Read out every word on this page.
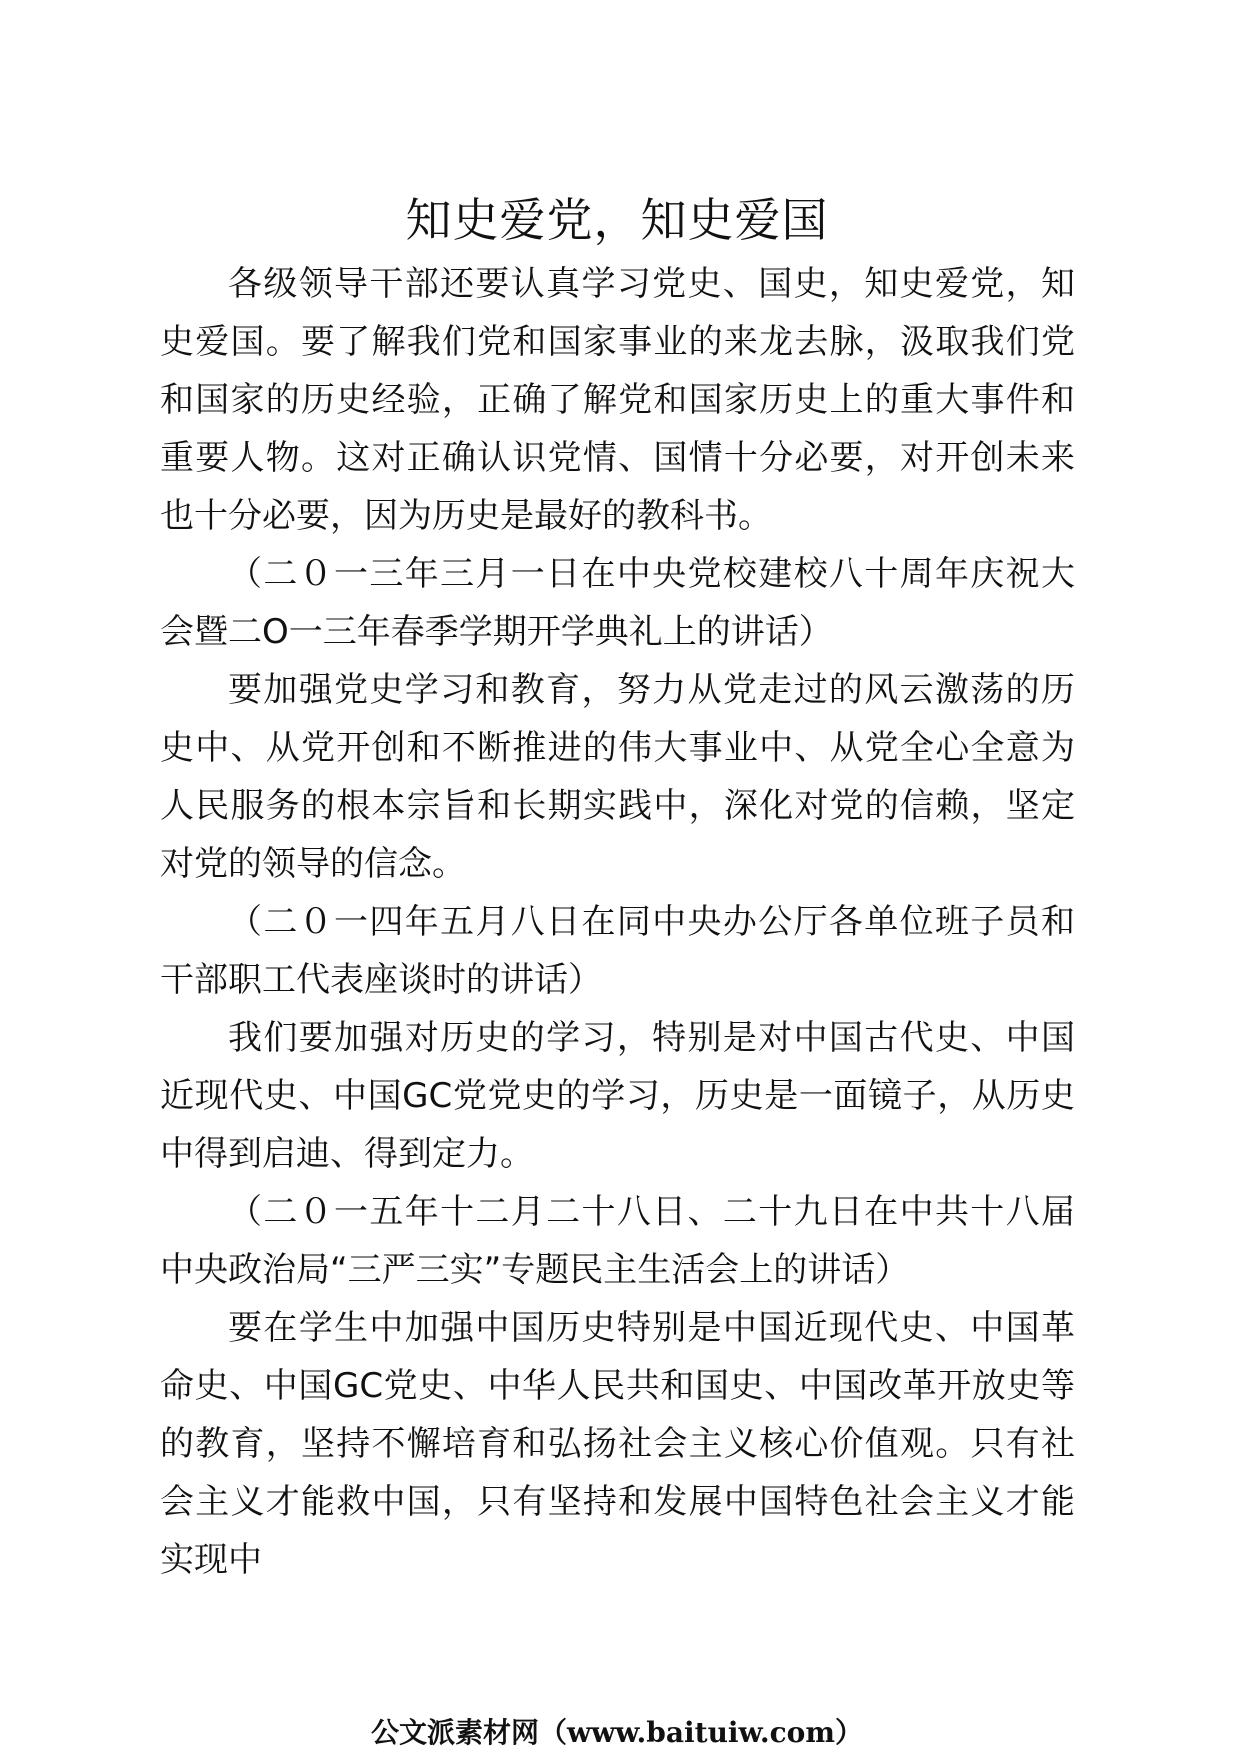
知史爱党，知史爱国

各级领导干部还要认真学习党史、国史，知史爱党，知史爱国。要了解我们党和国家事业的来龙去脉，汲取我们党和国家的历史经验，正确了解党和国家历史上的重大事件和重要人物。这对正确认识党情、国情十分必要，对开创未来也十分必要，因为历史是最好的教科书。

（二０一三年三月一日在中央党校建校八十周年庆祝大会暨二O一三年春季学期开学典礼上的讲话）

要加强党史学习和教育，努力从党走过的风云激荡的历史中、从党开创和不断推进的伟大事业中、从党全心全意为人民服务的根本宗旨和长期实践中，深化对党的信赖，坚定对党的领导的信念。

（二０一四年五月八日在同中央办公厅各单位班子员和干部职工代表座谈时的讲话）

我们要加强对历史的学习，特别是对中国古代史、中国近现代史、中国GC党党史的学习，历史是一面镜子，从历史中得到启迪、得到定力。

（二０一五年十二月二十八日、二十九日在中共十八届中央政治局“三严三实”专题民主生活会上的讲话）

要在学生中加强中国历史特别是中国近现代史、中国革命史、中国GC党史、中华人民共和国史、中国改革开放史等的教育，坚持不懈培育和弘扬社会主义核心价值观。只有社会主义才能救中国，只有坚持和发展中国特色社会主义才能实现中

公文派素材网（www.baituiw.com）
